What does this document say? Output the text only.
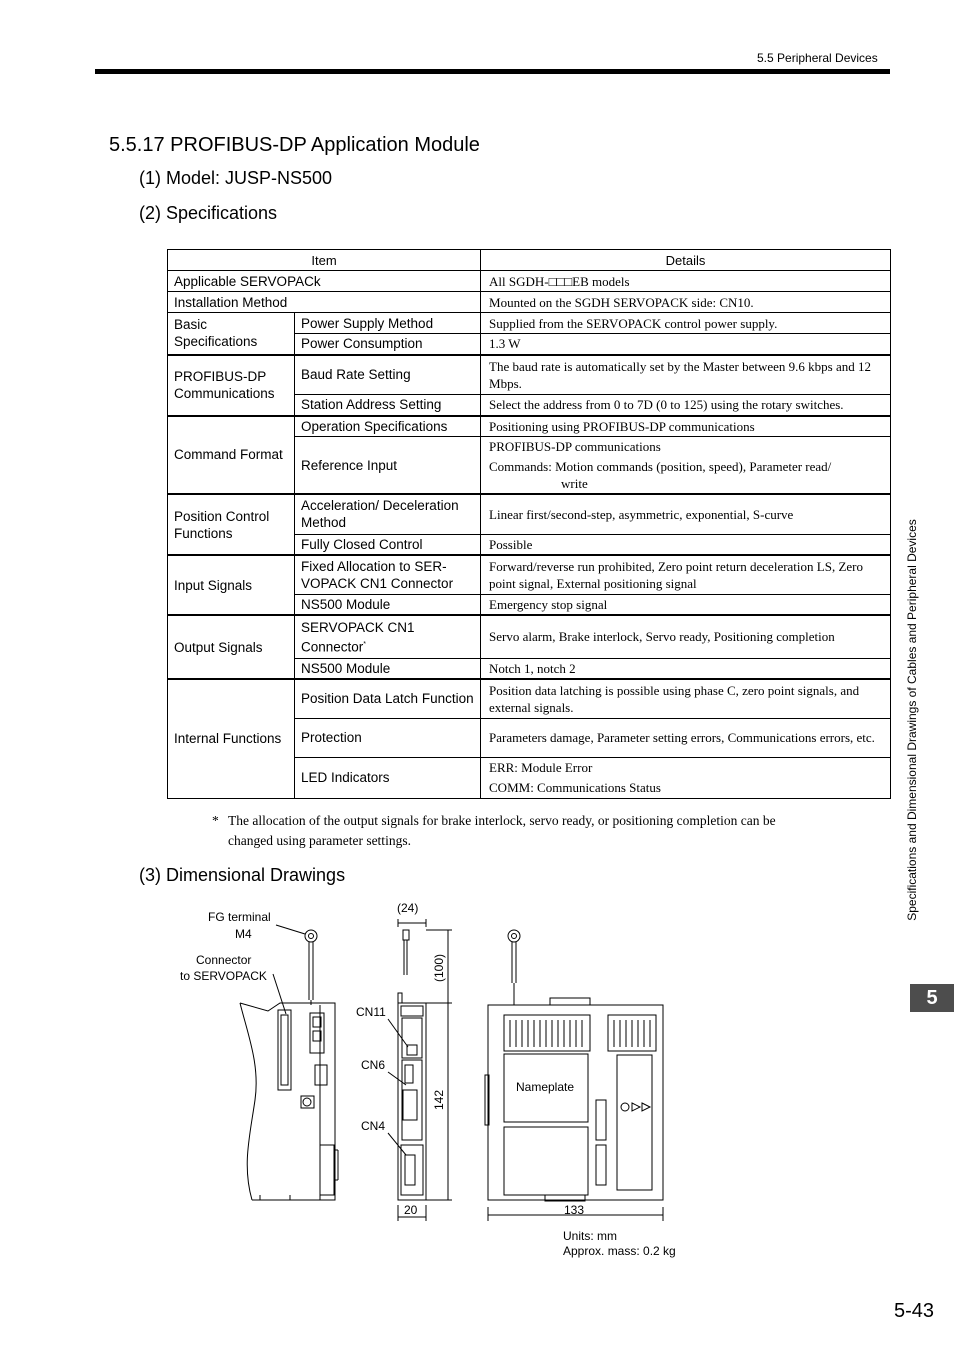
5.5 Peripheral Devices
5.5.17 PROFIBUS-DP Application Module
(1) Model: JUSP-NS500
(2) Specifications
Item		Details
Applicable SERVOPACk		All SGDH-□□□EB models
Installation Method		Mounted on the SGDH SERVOPACK side: CN10.
Basic Specifications	Power Supply Method	Supplied from the SERVOPACK control power supply.
	Power Consumption	1.3 W
PROFIBUS-DP Communications	Baud Rate Setting	The baud rate is automatically set by the Master between 9.6 kbps and 12 Mbps.
	Station Address Setting	Select the address from 0 to 7D (0 to 125) using the rotary switches.
Command Format	Operation Specifications	Positioning using PROFIBUS-DP communications
	Reference Input	PROFIBUS-DP communications
Commands: Motion commands (position, speed), Parameter read/
write

Position Control Functions	Acceleration/ Deceleration Method	Linear first/second-step, asymmetric, exponential, S-curve
	Fully Closed Control	Possible
Input Signals	Fixed Allocation to SER-VOPACK CN1 Connector	Forward/reverse run prohibited, Zero point return deceleration LS, Zero point signal, External positioning signal
	NS500 Module	Emergency stop signal
Output Signals	SERVOPACK CN1 Connector*	Servo alarm, Brake interlock, Servo ready, Positioning completion
	NS500 Module	Notch 1, notch 2
Internal Functions	Position Data Latch Function	Position data latching is possible using phase C, zero point signals, and external signals.
	Protection	Parameters damage, Parameter setting errors, Communications errors, etc.
	LED Indicators	ERR: Module Error
COMM: Communications Status
* The allocation of the output signals for brake interlock, servo ready, or positioning completion can be changed using parameter settings.
(3) Dimensional Drawings
FG terminal
M4
Connector
to SERVOPACK
(24)
(100)
142
20	133
CN11
CN6
CN4
Nameplate
Units: mm
Approx. mass: 0.2 kg
Specifications and Dimensional Drawings of Cables and Peripheral Devices
5
5-43
